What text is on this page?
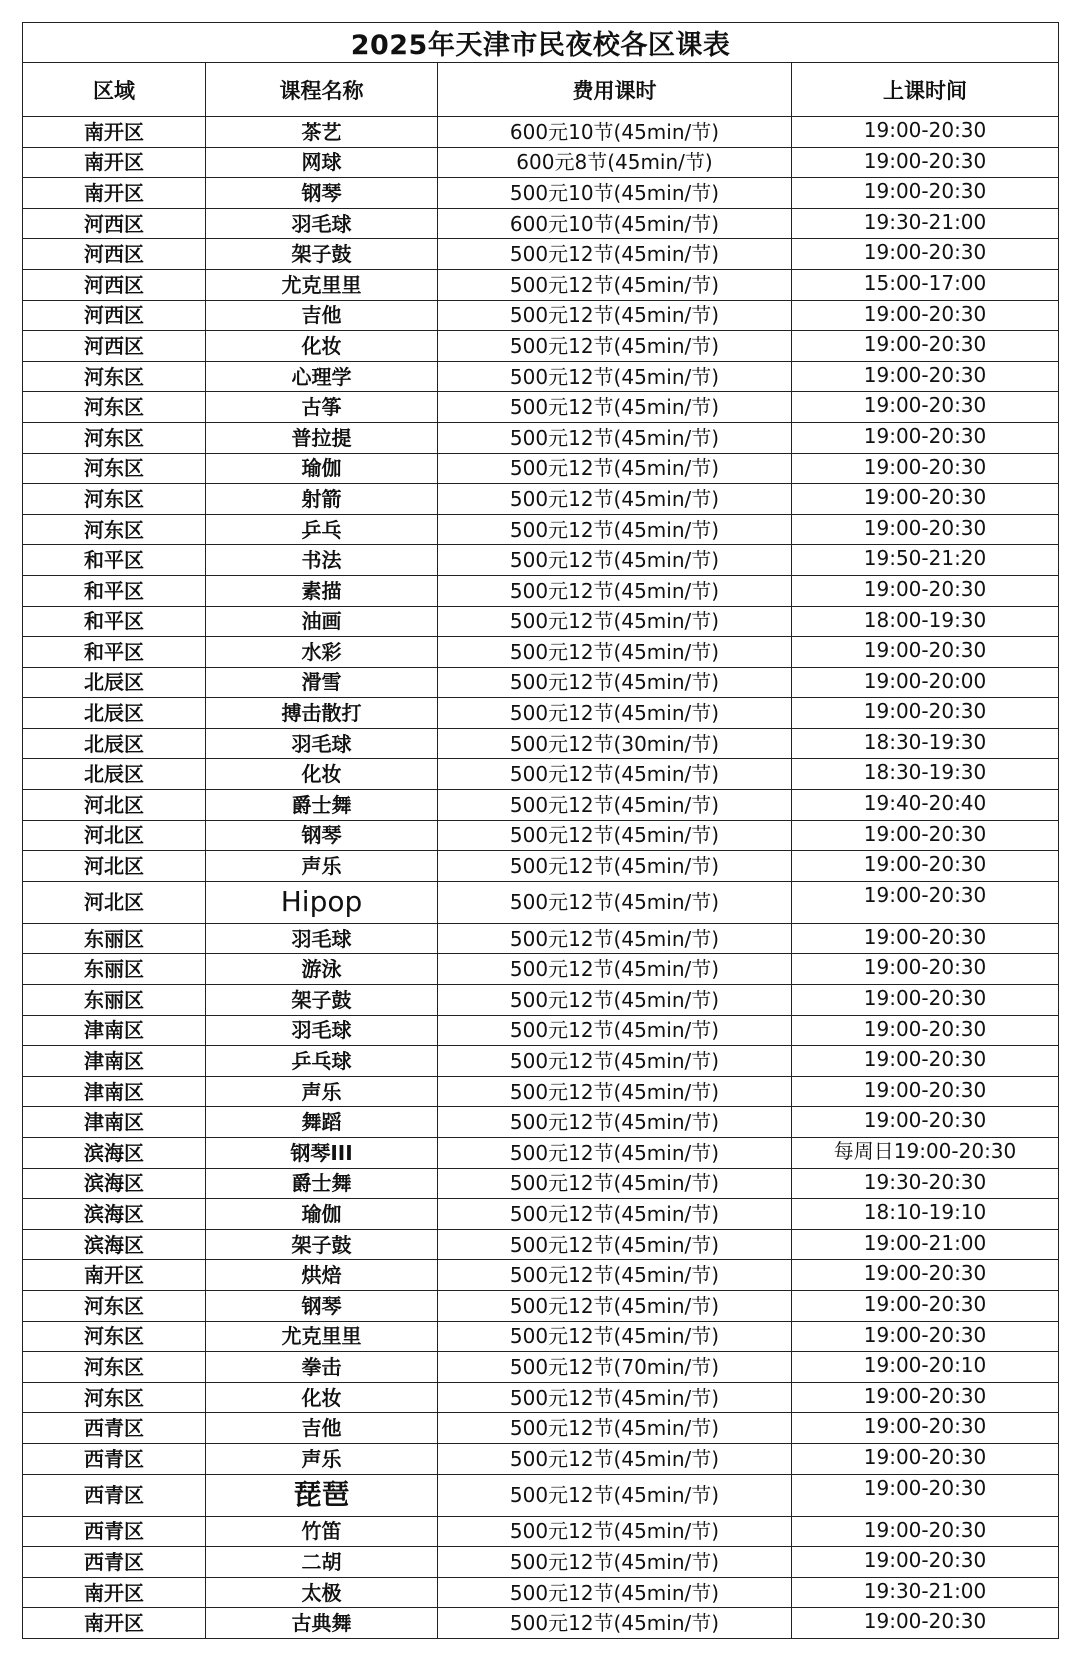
2025年天津市民夜校各区课表			
区域	课程名称	费用课时	上课时间
南开区	茶艺	600元10节(45min/节)	19:00-20:30
南开区	网球	600元8节(45min/节)	19:00-20:30
南开区	钢琴	500元10节(45min/节)	19:00-20:30
河西区	羽毛球	600元10节(45min/节)	19:30-21:00
河西区	架子鼓	500元12节(45min/节)	19:00-20:30
河西区	尤克里里	500元12节(45min/节)	15:00-17:00
河西区	吉他	500元12节(45min/节)	19:00-20:30
河西区	化妆	500元12节(45min/节)	19:00-20:30
河东区	心理学	500元12节(45min/节)	19:00-20:30
河东区	古筝	500元12节(45min/节)	19:00-20:30
河东区	普拉提	500元12节(45min/节)	19:00-20:30
河东区	瑜伽	500元12节(45min/节)	19:00-20:30
河东区	射箭	500元12节(45min/节)	19:00-20:30
河东区	乒乓	500元12节(45min/节)	19:00-20:30
和平区	书法	500元12节(45min/节)	19:50-21:20
和平区	素描	500元12节(45min/节)	19:00-20:30
和平区	油画	500元12节(45min/节)	18:00-19:30
和平区	水彩	500元12节(45min/节)	19:00-20:30
北辰区	滑雪	500元12节(45min/节)	19:00-20:00
北辰区	搏击散打	500元12节(45min/节)	19:00-20:30
北辰区	羽毛球	500元12节(30min/节)	18:30-19:30
北辰区	化妆	500元12节(45min/节)	18:30-19:30
河北区	爵士舞	500元12节(45min/节)	19:40-20:40
河北区	钢琴	500元12节(45min/节)	19:00-20:30
河北区	声乐	500元12节(45min/节)	19:00-20:30
河北区	Hipop	500元12节(45min/节)	19:00-20:30
东丽区	羽毛球	500元12节(45min/节)	19:00-20:30
东丽区	游泳	500元12节(45min/节)	19:00-20:30
东丽区	架子鼓	500元12节(45min/节)	19:00-20:30
津南区	羽毛球	500元12节(45min/节)	19:00-20:30
津南区	乒乓球	500元12节(45min/节)	19:00-20:30
津南区	声乐	500元12节(45min/节)	19:00-20:30
津南区	舞蹈	500元12节(45min/节)	19:00-20:30
滨海区	钢琴III	500元12节(45min/节)	每周日19:00-20:30
滨海区	爵士舞	500元12节(45min/节)	19:30-20:30
滨海区	瑜伽	500元12节(45min/节)	18:10-19:10
滨海区	架子鼓	500元12节(45min/节)	19:00-21:00
南开区	烘焙	500元12节(45min/节)	19:00-20:30
河东区	钢琴	500元12节(45min/节)	19:00-20:30
河东区	尤克里里	500元12节(45min/节)	19:00-20:30
河东区	拳击	500元12节(70min/节)	19:00-20:10
河东区	化妆	500元12节(45min/节)	19:00-20:30
西青区	吉他	500元12节(45min/节)	19:00-20:30
西青区	声乐	500元12节(45min/节)	19:00-20:30
西青区	琵琶	500元12节(45min/节)	19:00-20:30
西青区	竹笛	500元12节(45min/节)	19:00-20:30
西青区	二胡	500元12节(45min/节)	19:00-20:30
南开区	太极	500元12节(45min/节)	19:30-21:00
南开区	古典舞	500元12节(45min/节)	19:00-20:30
